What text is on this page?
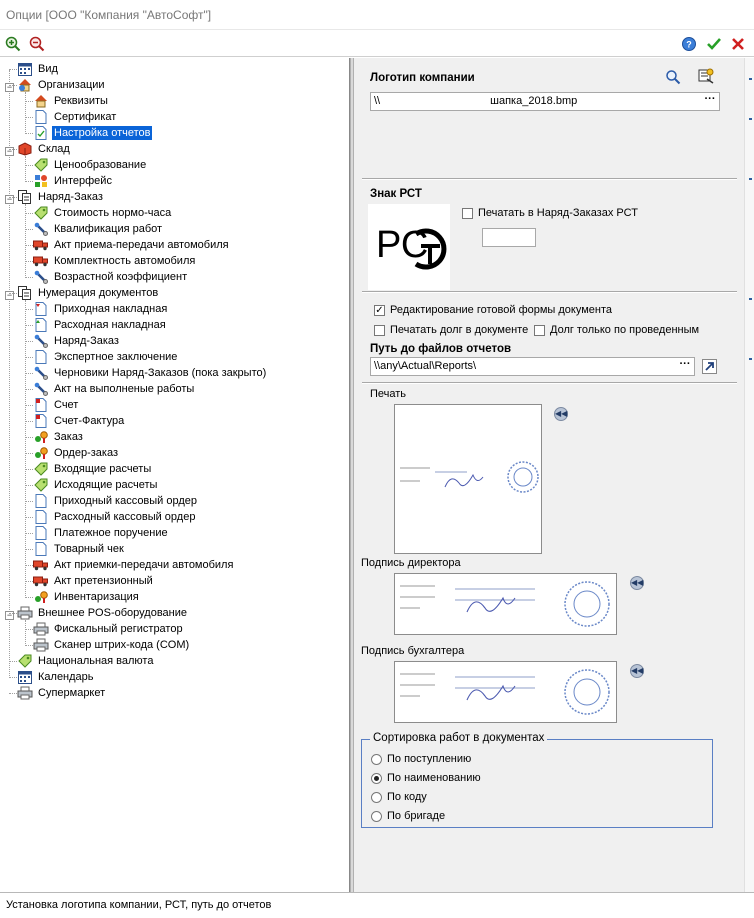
Опции [ООО "Компания "АвтоСофт"]
?
−
−
−
−
−
Вид
Организации
Реквизиты
Сертификат
Настройка отчетов
Склад
Ценообразование
Интерфейс
Наряд-Заказ
Стоимость нормо-часа
Квалификация работ
Акт приема-передачи автомобиля
Комплектность автомобиля
Возрастной коэффициент
Нумерация документов
Приходная накладная
Расходная накладная
Наряд-Заказ
Экспертное заключение
Черновики Наряд-Заказов (пока закрыто)
Акт на выполненые работы
Счет
Счет-Фактура
Заказ
Ордер-заказ
Входящие расчеты
Исходящие расчеты
Приходный кассовый ордер
Расходный кассовый ордер
Платежное поручение
Товарный чек
Акт приемки-передачи автомобиля
Акт претензионный
Инвентаризация
Внешнее POS-оборудование
Фискальный регистратор
Сканер штрих-кода (COM)
Национальная валюта
Календарь
Супермаркет
Логотип компании
\\                                    шапка_2018.bmp	···
Знак РСТ
РС
Печатать в Наряд-Заказах РСТ
✓ Редактирование готовой формы документа
Печатать долг в документе Долг только по проведенным
Путь до файлов отчетов
\\any\Actual\Reports\	···
Печать
◀◀
Подпись директора
◀◀
Подпись бухгалтера
◀◀
Сортировка работ в документах
По поступлению
По наименованию
По коду
По бригаде
Установка логотипа компании, РСТ, путь до отчетов
